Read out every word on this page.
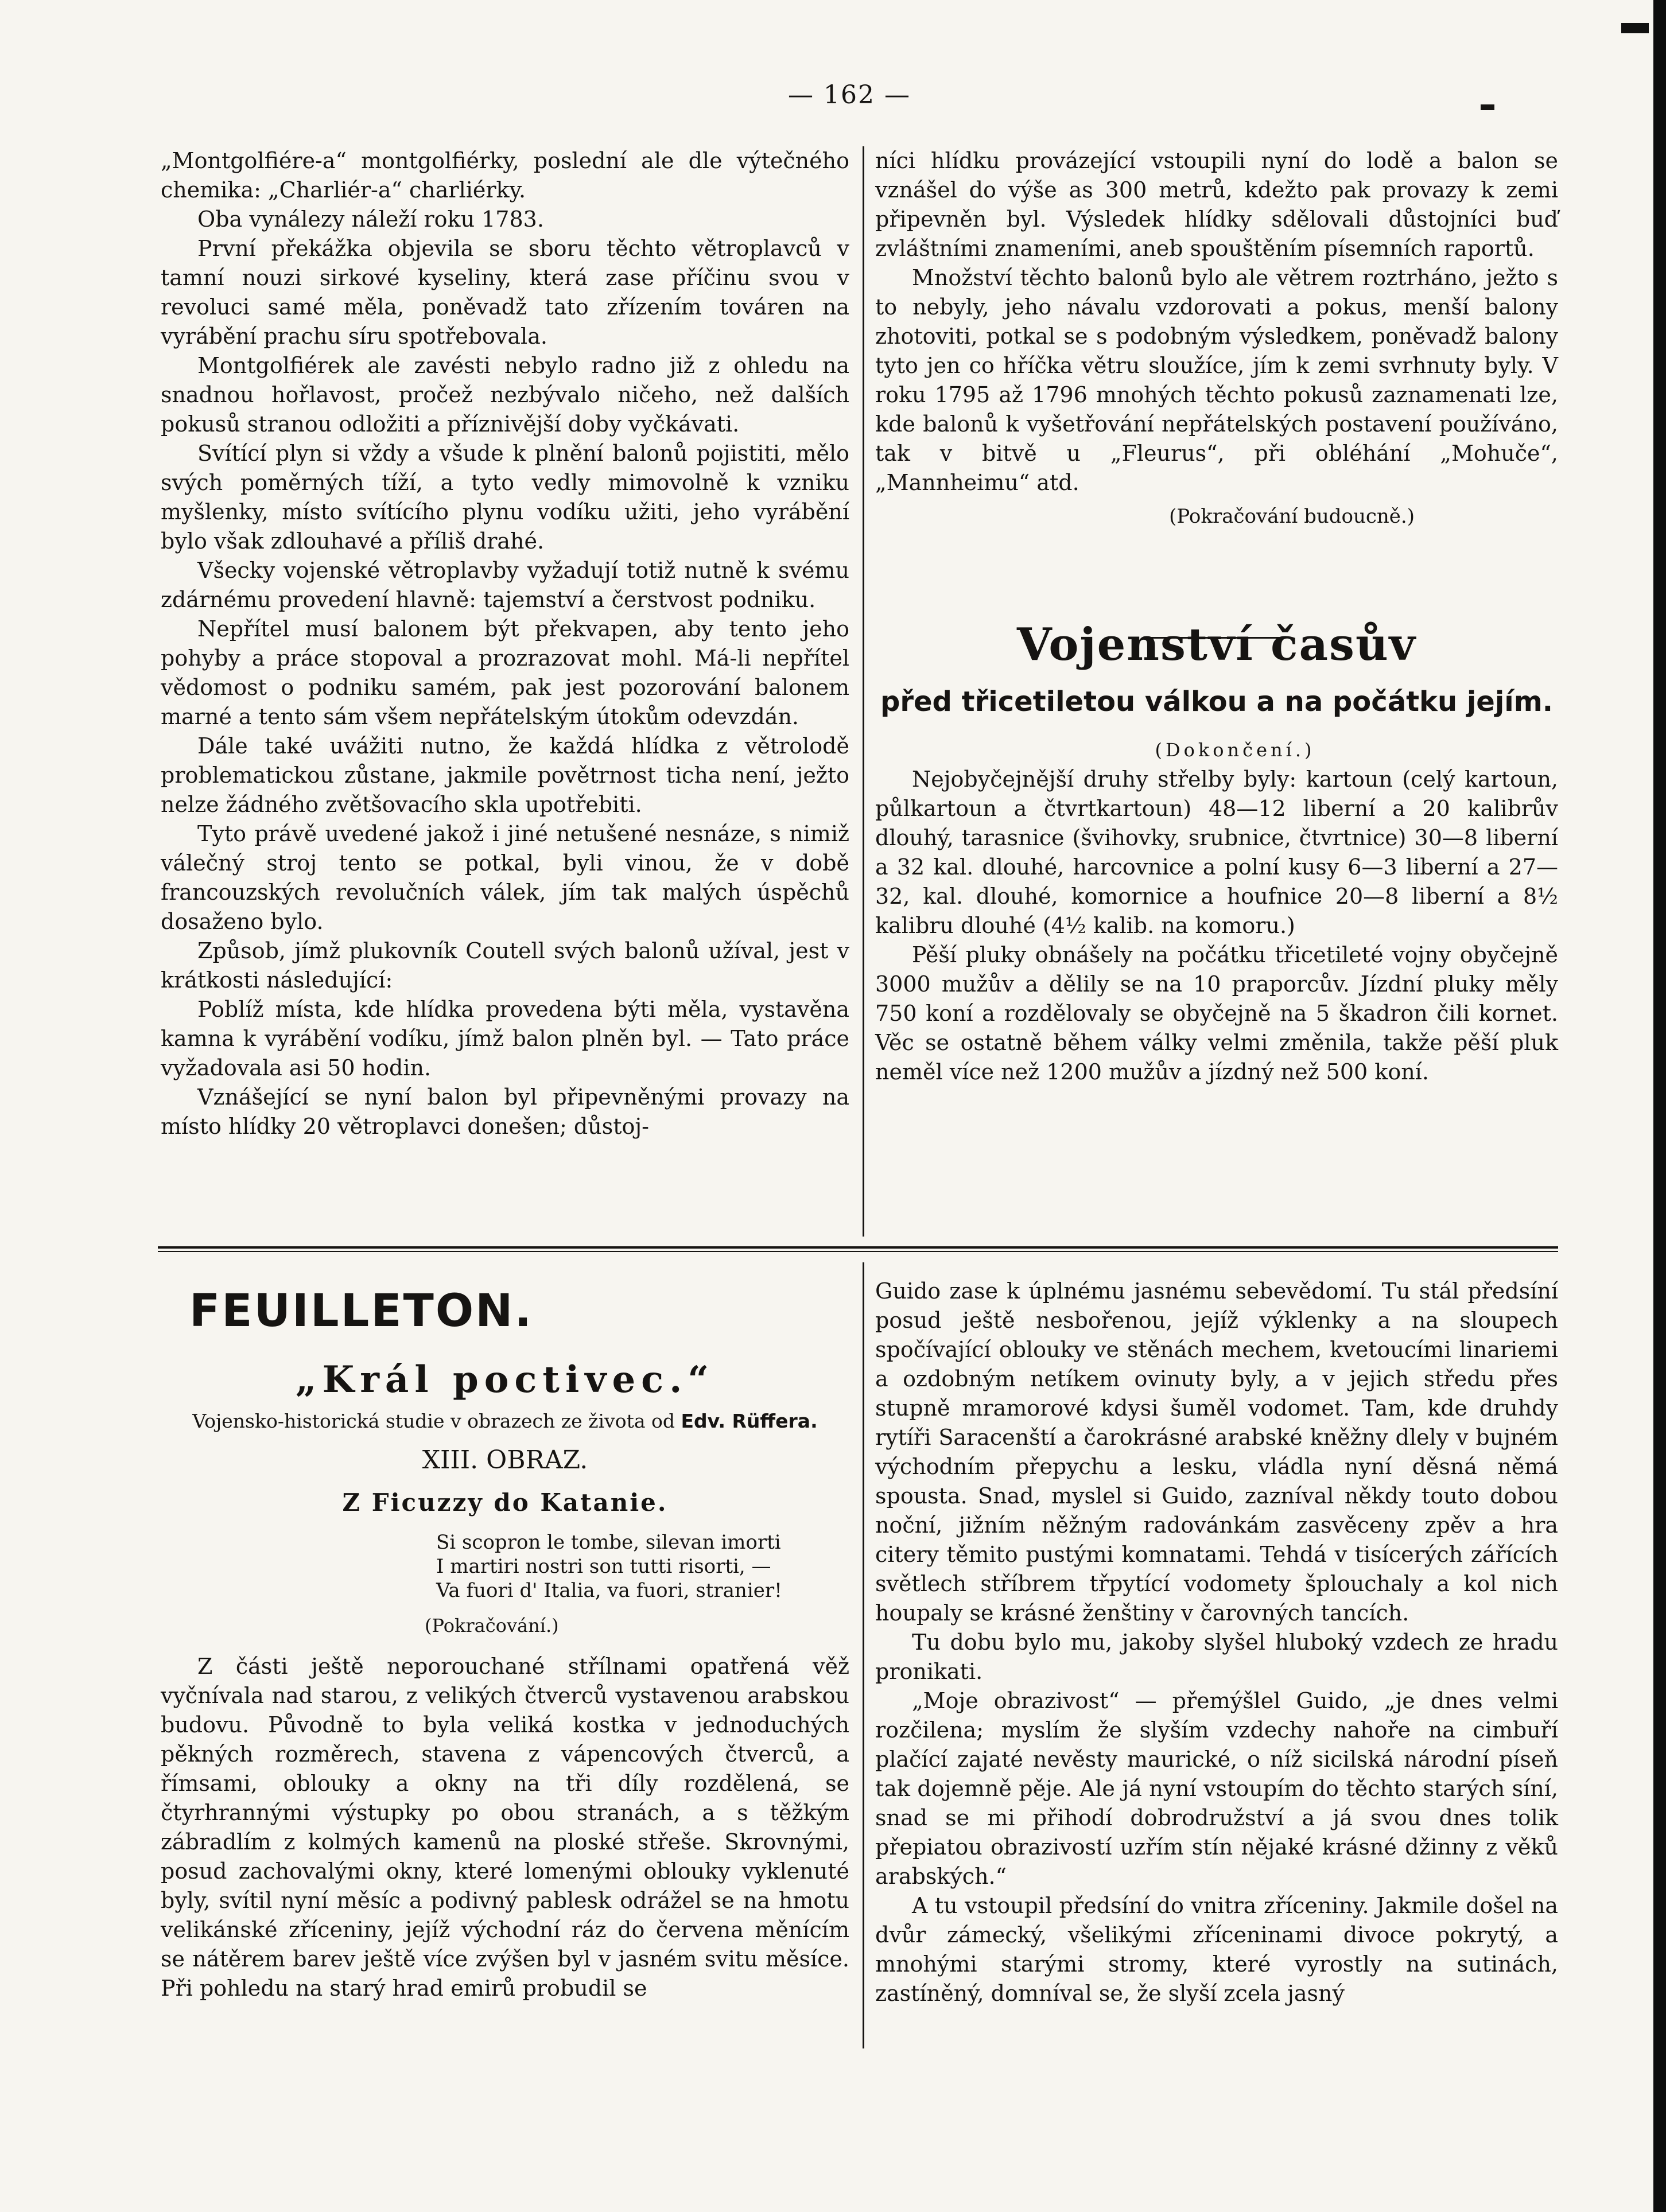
— 162 —

„Montgolfiére-a“ montgolfiérky, poslední ale dle výtečného chemika: „Charliér-a“ charliérky.

Oba vynálezy náleží roku 1783.

První překážka objevila se sboru těchto větroplavců v tamní nouzi sirkové kyseliny, která zase příčinu svou v revoluci samé měla, poněvadž tato zřízením továren na vyrábění prachu síru spotřebovala.

Montgolfiérek ale zavésti nebylo radno již z ohledu na snadnou hořlavost, pročež nezbývalo ničeho, než dalších pokusů stranou odložiti a příznivější doby vyčkávati.

Svítící plyn si vždy a všude k plnění balonů pojistiti, mělo svých poměrných tíží, a tyto vedly mimovolně k vzniku myšlenky, místo svítícího plynu vodíku užiti, jeho vyrábění bylo však zdlouhavé a příliš drahé.

Všecky vojenské větroplavby vyžadují totiž nutně k svému zdárnému provedení hlavně: tajemství a čerstvost podniku.

Nepřítel musí balonem být překvapen, aby tento jeho pohyby a práce stopoval a prozrazovat mohl. Má-li nepřítel vědomost o podniku samém, pak jest pozorování balonem marné a tento sám všem nepřátelským útokům odevzdán.

Dále také uvážiti nutno, že každá hlídka z větrolodě problematickou zůstane, jakmile povětrnost ticha není, ježto nelze žádného zvětšovacího skla upotřebiti.

Tyto právě uvedené jakož i jiné netušené nesnáze, s nimiž válečný stroj tento se potkal, byli vinou, že v době francouzských revolučních válek, jím tak malých úspěchů dosaženo bylo.

Způsob, jímž plukovník Coutell svých balonů užíval, jest v krátkosti následující:

Poblíž místa, kde hlídka provedena býti měla, vystavěna kamna k vyrábění vodíku, jímž balon plněn byl. — Tato práce vyžadovala asi 50 hodin.

Vznášející se nyní balon byl připevněnými provazy na místo hlídky 20 větroplavci donešen; důstoj-

níci hlídku provázející vstoupili nyní do lodě a balon se vznášel do výše as 300 metrů, kdežto pak provazy k zemi připevněn byl. Výsledek hlídky sdělovali důstojníci buď zvláštními znameními, aneb spouštěním písemních raportů.

Množství těchto balonů bylo ale větrem roztrháno, ježto s to nebyly, jeho návalu vzdorovati a pokus, menší balony zhotoviti, potkal se s podobným výsledkem, poněvadž balony tyto jen co hříčka větru sloužíce, jím k zemi svrhnuty byly. V roku 1795 až 1796 mnohých těchto pokusů zaznamenati lze, kde balonů k vyšetřování nepřátelských postavení používáno, tak v bitvě u „Fleurus“, při obléhání „Mohuče“, „Mannheimu“ atd.

(Pokračování budoucně.)

Vojenství časův
před třicetiletou válkou a na počátku jejím.

(Dokončení.)

Nejobyčejnější druhy střelby byly: kartoun (celý kartoun, půlkartoun a čtvrtkartoun) 48—12 liberní a 20 kalibrův dlouhý, tarasnice (švihovky, srubnice, čtvrtnice) 30—8 liberní a 32 kal. dlouhé, harcovnice a polní kusy 6—3 liberní a 27—32, kal. dlouhé, komornice a houfnice 20—8 liberní a 8½ kalibru dlouhé (4½ kalib. na komoru.)

Pěší pluky obnášely na počátku třicetileté vojny obyčejně 3000 mužův a dělily se na 10 praporcův. Jízdní pluky měly 750 koní a rozdělovaly se obyčejně na 5 škadron čili kornet. Věc se ostatně během války velmi změnila, takže pěší pluk neměl více než 1200 mužův a jízdný než 500 koní.

FEUILLETON.
„Král poctivec.“
Vojensko-historická studie v obrazech ze života od Edv. Rüffera.
XIII. OBRAZ.
Z Ficuzzy do Katanie.
Si scopron le tombe, silevan imorti
I martiri nostri son tutti risorti, —
Va fuori d' Italia, va fuori, stranier!
(Pokračování.)

Z části ještě neporouchané střílnami opatřená věž vyčnívala nad starou, z velikých čtverců vystavenou arabskou budovu. Původně to byla veliká kostka v jednoduchých pěkných rozměrech, stavena z vápencových čtverců, a římsami, oblouky a okny na tři díly rozdělená, se čtyrhrannými výstupky po obou stranách, a s těžkým zábradlím z kolmých kamenů na ploské střeše. Skrovnými, posud zachovalými okny, které lomenými oblouky vyklenuté byly, svítil nyní měsíc a podivný pablesk odrážel se na hmotu velikánské zříceniny, jejíž východní ráz do červena měnícím se nátěrem barev ještě více zvýšen byl v jasném svitu měsíce. Při pohledu na starý hrad emirů probudil se

Guido zase k úplnému jasnému sebevědomí. Tu stál předsíní posud ještě nesbořenou, jejíž výklenky a na sloupech spočívající oblouky ve stěnách mechem, kvetoucími linariemi a ozdobným netíkem ovinuty byly, a v jejich středu přes stupně mramorové kdysi šuměl vodomet. Tam, kde druhdy rytíři Saracenští a čarokrásné arabské kněžny dlely v bujném východním přepychu a lesku, vládla nyní děsná němá spousta. Snad, myslel si Guido, zazníval někdy touto dobou noční, jižním něžným radovánkám zasvěceny zpěv a hra citery těmito pustými komnatami. Tehdá v tisícerých zářících světlech stříbrem třpytící vodomety šplouchaly a kol nich houpaly se krásné ženštiny v čarovných tancích.

Tu dobu bylo mu, jakoby slyšel hluboký vzdech ze hradu pronikati.

„Moje obrazivost“ — přemýšlel Guido, „je dnes velmi rozčilena; myslím že slyším vzdechy nahoře na cimbuří plačící zajaté nevěsty maurické, o níž sicilská národní píseň tak dojemně pěje. Ale já nyní vstoupím do těchto starých síní, snad se mi přihodí dobrodružství a já svou dnes tolik přepiatou obrazivostí uzřím stín nějaké krásné džinny z věků arabských.“

A tu vstoupil předsíní do vnitra zříceniny. Jakmile došel na dvůr zámecký, všelikými zříceninami divoce pokrytý, a mnohými starými stromy, které vyrostly na sutinách, zastíněný, domníval se, že slyší zcela jasný
